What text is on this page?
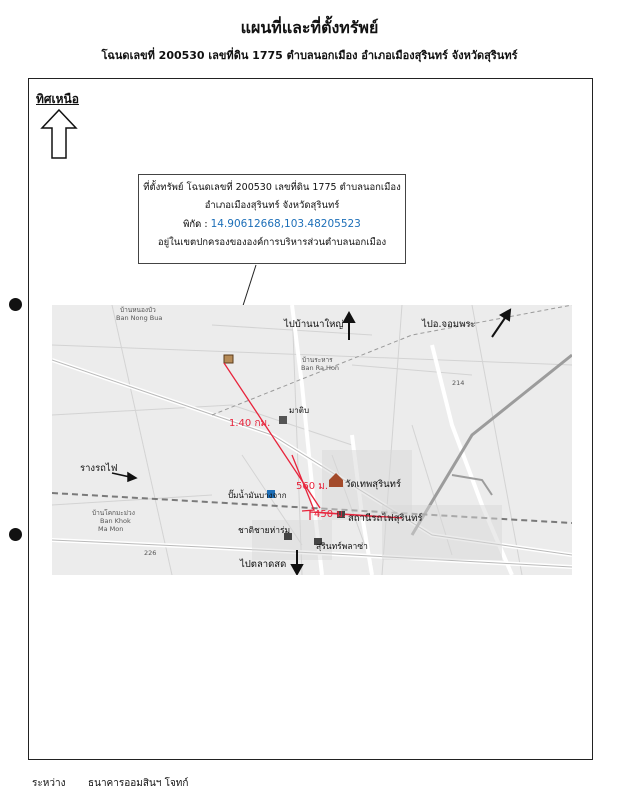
แผนที่และที่ตั้งทรัพย์
โฉนดเลขที่ 200530 เลขที่ดิน 1775 ตำบลนอกเมือง อำเภอเมืองสุรินทร์ จังหวัดสุรินทร์
ทิศเหนือ
ที่ตั้งทรัพย์ โฉนดเลขที่ 200530 เลขที่ดิน 1775 ตำบลนอกเมือง
อำเภอเมืองสุรินทร์ จังหวัดสุรินทร์
พิกัด : 14.90612668,103.48205523
อยู่ในเขตปกครองขององค์การบริหารส่วนตำบลนอกเมือง
บ้านหนองบัว
Ban Nong Bua
บ้านระหาร
Ban Ra Hon
บ้านโคกมะม่วง
Ban Khok
Ma Mon
226
214
ไปบ้านนาใหญ่	ไปอ.จอมพระ
รางรถไฟ
ไปตลาดสด
มาติบ
ปั๊มน้ำมันบางจาก
วัดเทพสุรินทร์
สถานีรถไฟสุรินทร์
ชาติชายห่าร่ม
สุรินทร์พลาซ่า
1.40 กม.
560 ม.
450 ม.
ระหว่าง ธนาคารออมสินฯ โจทก์
